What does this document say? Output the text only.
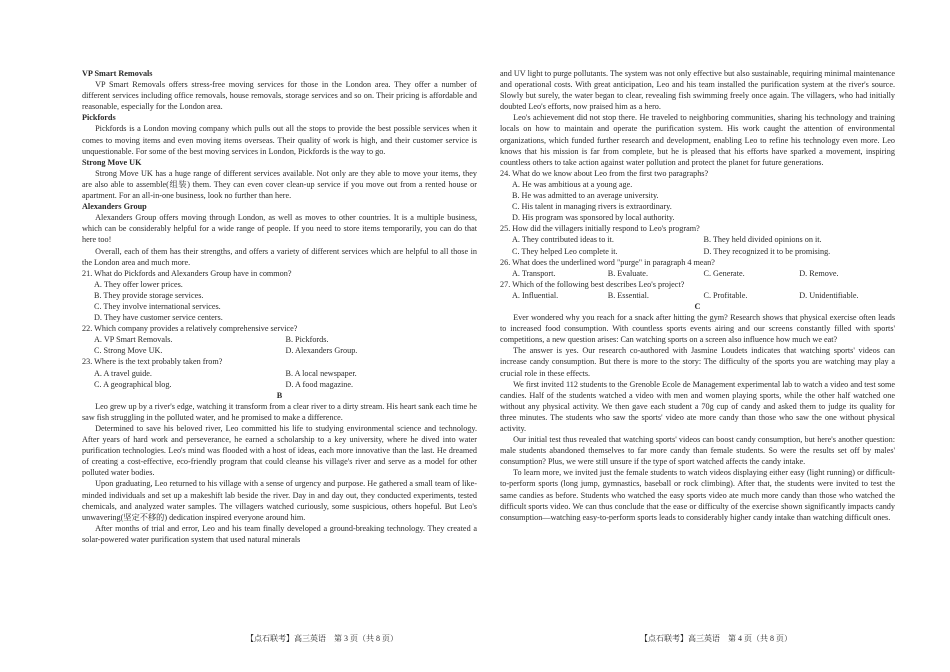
VP Smart Removals

VP Smart Removals offers stress-free moving services for those in the London area. They offer a number of different services including office removals, house removals, storage services and so on. Their pricing is affordable and reasonable, especially for the London area.

Pickfords

Pickfords is a London moving company which pulls out all the stops to provide the best possible services when it comes to moving items and even moving items overseas. Their quality of work is high, and their customer service is unquestionable. For some of the best moving services in London, Pickfords is the way to go.

Strong Move UK

Strong Move UK has a huge range of different services available. Not only are they able to move your items, they are also able to assemble(组装) them. They can even cover clean-up service if you move out from a rented house or apartment. For an all-in-one business, look no further than here.

Alexanders Group

Alexanders Group offers moving through London, as well as moves to other countries. It is a multiple business, which can be considerably helpful for a wide range of people. If you need to store items temporarily, you can do that here too!

Overall, each of them has their strengths, and offers a variety of different services which are helpful to all those in the London area and much more.

21. What do Pickfords and Alexanders Group have in common?

A. They offer lower prices.

B. They provide storage services.

C. They involve international services.

D. They have customer service centers.

22. Which company provides a relatively comprehensive service?

A. VP Smart Removals.	B. Pickfords.

C. Strong Move UK.	D. Alexanders Group.

23. Where is the text probably taken from?

A. A travel guide.	B. A local newspaper.

C. A geographical blog.	D. A food magazine.

B

Leo grew up by a river's edge, watching it transform from a clear river to a dirty stream. His heart sank each time he saw fish struggling in the polluted water, and he promised to make a difference.

Determined to save his beloved river, Leo committed his life to studying environmental science and technology. After years of hard work and perseverance, he earned a scholarship to a key university, where he dived into water purification technologies. Leo's mind was flooded with a host of ideas, each more innovative than the last. He dreamed of creating a cost-effective, eco-friendly program that could cleanse his village's river and serve as a model for other polluted water bodies.

Upon graduating, Leo returned to his village with a sense of urgency and purpose. He gathered a small team of like-minded individuals and set up a makeshift lab beside the river. Day in and day out, they conducted experiments, tested chemicals, and analyzed water samples. The villagers watched curiously, some suspicious, others hopeful. But Leo's unwavering(坚定不移的) dedication inspired everyone around him.

After months of trial and error, Leo and his team finally developed a ground-breaking technology. They created a solar-powered water purification system that used natural minerals

and UV light to purge pollutants. The system was not only effective but also sustainable, requiring minimal maintenance and operational costs. With great anticipation, Leo and his team installed the purification system at the river's source. Slowly but surely, the water began to clear, revealing fish swimming freely once again. The villagers, who had initially doubted Leo's efforts, now praised him as a hero.

Leo's achievement did not stop there. He traveled to neighboring communities, sharing his technology and training locals on how to maintain and operate the purification system. His work caught the attention of environmental organizations, which funded further research and development, enabling Leo to refine his technology even more. Leo knows that his mission is far from complete, but he is pleased that his efforts have sparked a movement, inspiring countless others to take action against water pollution and protect the planet for future generations.

24. What do we know about Leo from the first two paragraphs?

A. He was ambitious at a young age.

B. He was admitted to an average university.

C. His talent in managing rivers is extraordinary.

D. His program was sponsored by local authority.

25. How did the villagers initially respond to Leo's program?

A. They contributed ideas to it.	B. They held divided opinions on it.

C. They helped Leo complete it.	D. They recognized it to be promising.

26. What does the underlined word "purge" in paragraph 4 mean?

A. Transport.	B. Evaluate.	C. Generate.	D. Remove.

27. Which of the following best describes Leo's project?

A. Influential.	B. Essential.	C. Profitable.	D. Unidentifiable.

C

Ever wondered why you reach for a snack after hitting the gym? Research shows that physical exercise often leads to increased food consumption. With countless sports events airing and our screens constantly filled with sports' competitions, a new question arises: Can watching sports on a screen also influence how much we eat?

The answer is yes. Our research co-authored with Jasmine Loudets indicates that watching sports' videos can increase candy consumption. But there is more to the story: The difficulty of the sports you are watching may play a crucial role in these effects.

We first invited 112 students to the Grenoble Ecole de Management experimental lab to watch a video and test some candies. Half of the students watched a video with men and women playing sports, while the other half watched one without any physical activity. We then gave each student a 70g cup of candy and asked them to judge its quality for three minutes. The students who saw the sports' video ate more candy than those who saw the one without physical activity.

Our initial test thus revealed that watching sports' videos can boost candy consumption, but here's another question: male students abandoned themselves to far more candy than female students. So were the results set off by males' consumption? Plus, we were still unsure if the type of sport watched affects the candy intake.

To learn more, we invited just the female students to watch videos displaying either easy (light running) or difficult-to-perform sports (long jump, gymnastics, baseball or rock climbing). After that, the students were invited to test the same candies as before. Students who watched the easy sports video ate much more candy than those who watched the difficult sports video. We can thus conclude that the ease or difficulty of the exercise shown significantly impacts candy consumption—watching easy-to-perform sports leads to considerably higher candy intake than watching difficult ones.

【点石联考】高三英语　第 3 页（共 8 页）	【点石联考】高三英语　第 4 页（共 8 页）
